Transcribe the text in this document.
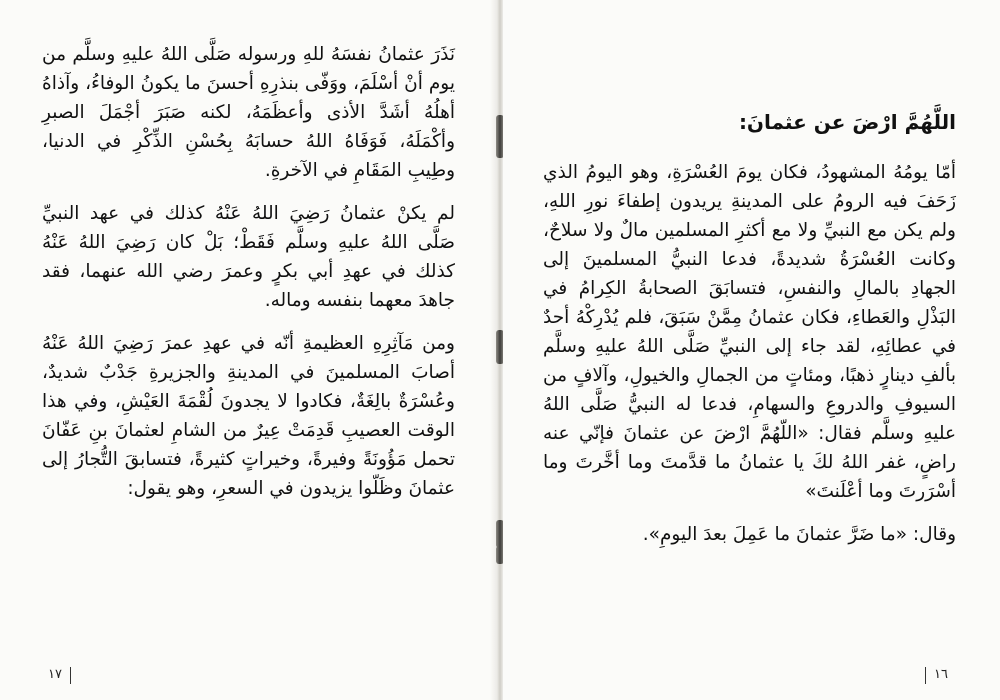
نَذَرَ عثمانُ نفسَهُ للهِ ورسوله صَلَّى اللهُ عليهِ وسلَّم من يوم أنْ أسْلَمَ، ووَفّى بنذرِهِ أحسنَ ما يكونُ الوفاءُ، وآذاهُ أهلُهُ أشَدَّ الأذى وأعظَمَهُ، لكنه صَبَرَ أجْمَلَ الصبرِ وأكْمَلَهُ، فَوَفَاهُ اللهُ حسابَهُ بِحُسْنِ الذِّكْرِ في الدنيا، وطِيبِ المَقَامِ في الآخرةِ.

لم يكنْ عثمانُ رَضِيَ اللهُ عَنْهُ كذلك في عهد النبيِّ صَلَّى اللهُ عليهِ وسلَّم فَقَطْ؛ بَلْ كان رَضِيَ اللهُ عَنْهُ كذلك في عهدِ أبي بكرٍ وعمرَ رضي الله عنهما، فقد جاهدَ معهما بنفسه وماله.

ومن مَآثِرِهِ العظيمةِ أنّه في عهدِ عمرَ رَضِيَ اللهُ عَنْهُ أصابَ المسلمينَ في المدينةِ والجزيرةِ جَدْبٌ شديدٌ، وعُسْرَةٌ بالِغَةٌ، فكادوا لا يجدونَ لُقْمَةَ العَيْشِ، وفي هذا الوقت العصيبِ قَدِمَتْ عِيرٌ من الشامِ لعثمانَ بنِ عَفّانَ تحمل مَؤُونَةً وفيرةً، وخيراتٍ كثيرةً، فتسابقَ التُّجارُ إلى عثمانَ وظَلّوا يزيدون في السعرِ، وهو يقول:

١٧
اللَّهُمَّ ارْضَ عن عثمانَ:

أمّا يومُهُ المشهودُ، فكان يومَ العُسْرَةِ، وهو اليومُ الذي زَحَفَ فيه الرومُ على المدينةِ يريدون إطفاءَ نورِ اللهِ، ولم يكن مع النبيِّ ولا مع أكثرِ المسلمين مالٌ ولا سلاحٌ، وكانت العُسْرَةُ شديدةً، فدعا النبيُّ المسلمينَ إلى الجهادِ بالمالِ والنفسِ، فتسابَقَ الصحابةُ الكِرامُ في البَذْلِ والعَطاءِ، فكان عثمانُ مِمَّنْ سَبَقَ، فلم يُدْرِكْهُ أحدٌ في عطائِهِ، لقد جاء إلى النبيِّ صَلَّى اللهُ عليهِ وسلَّم بألفِ دينارٍ ذهبًا، ومئاتٍ من الجمالِ والخيولِ، وآلافٍ من السيوفِ والدروعِ والسهامِ، فدعا له النبيُّ صَلَّى اللهُ عليهِ وسلَّم فقال: «اللّهُمَّ ارْضَ عن عثمانَ فإنّي عنه راضٍ، غفر اللهُ لكَ يا عثمانُ ما قدَّمتَ وما أخَّرتَ وما أسْرَرتَ وما أعْلَنتَ»

وقال: «ما ضَرَّ عثمانَ ما عَمِلَ بعدَ اليومِ».

١٦
